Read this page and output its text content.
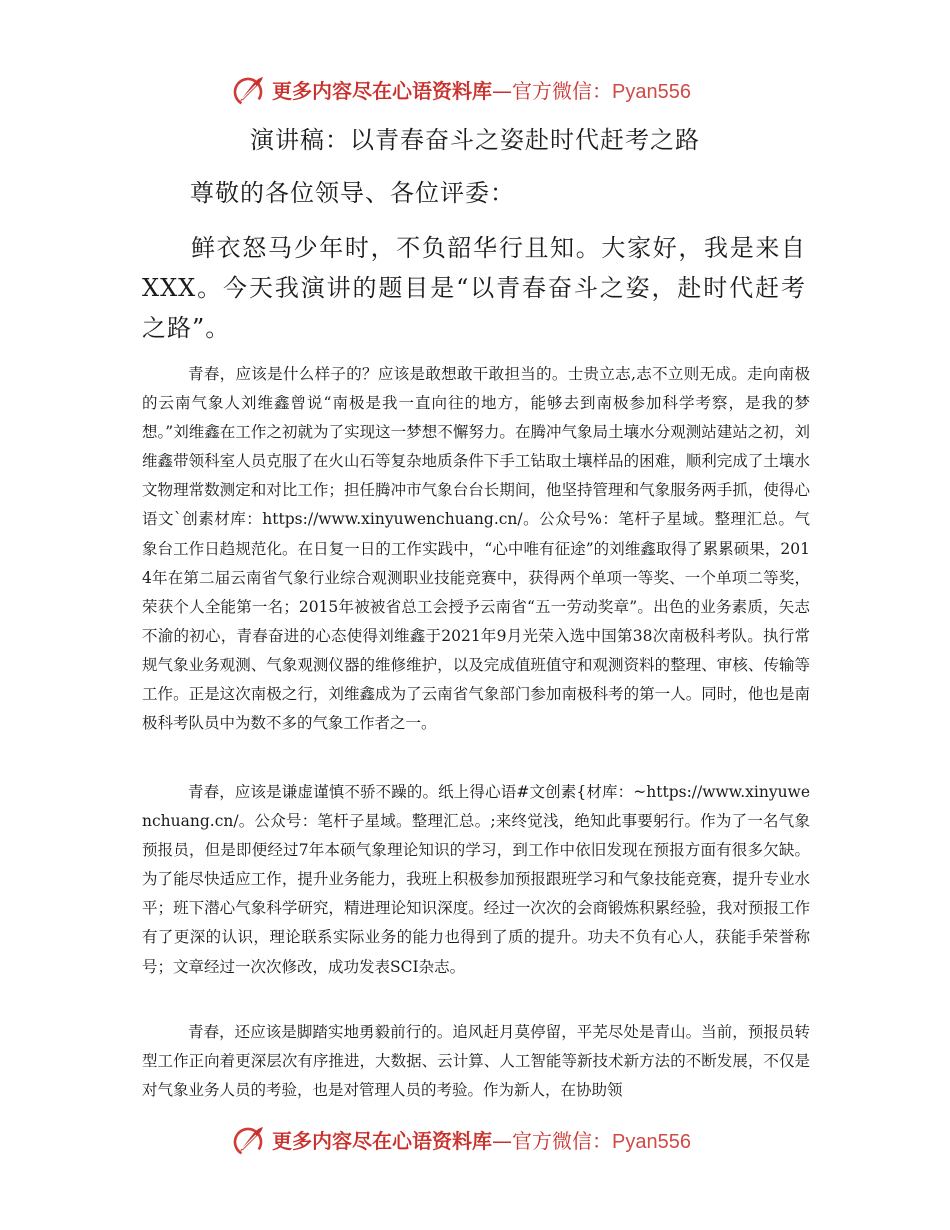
更多内容尽在心语资料库—官方微信：Pyan556
演讲稿：以青春奋斗之姿赴时代赶考之路
尊敬的各位领导、各位评委：

鲜衣怒马少年时，不负韶华行且知。大家好，我是来自XXX。今天我演讲的题目是“以青春奋斗之姿，赴时代赶考之路”。

青春，应该是什么样子的？应该是敢想敢干敢担当的。士贵立志,志不立则无成。走向南极的云南气象人刘维鑫曾说“南极是我一直向往的地方，能够去到南极参加科学考察，是我的梦想。”刘维鑫在工作之初就为了实现这一梦想不懈努力。在腾冲气象局土壤水分观测站建站之初，刘维鑫带领科室人员克服了在火山石等复杂地质条件下手工钻取土壤样品的困难，顺利完成了土壤水文物理常数测定和对比工作；担任腾冲市气象台台长期间，他坚持管理和气象服务两手抓，使得心语文`创素材库：https://www.xinyuwenchuang.cn/。公众号%：笔杆子星域。整理汇总。气象台工作日趋规范化。在日复一日的工作实践中，“心中唯有征途”的刘维鑫取得了累累硕果，2014年在第二届云南省气象行业综合观测职业技能竞赛中，获得两个单项一等奖、一个单项二等奖，荣获个人全能第一名；2015年被被省总工会授予云南省“五一劳动奖章”。出色的业务素质，矢志不渝的初心，青春奋进的心态使得刘维鑫于2021年9月光荣入选中国第38次南极科考队。执行常规气象业务观测、气象观测仪器的维修维护，以及完成值班值守和观测资料的整理、审核、传输等工作。正是这次南极之行，刘维鑫成为了云南省气象部门参加南极科考的第一人。同时，他也是南极科考队员中为数不多的气象工作者之一。

青春，应该是谦虚谨慎不骄不躁的。纸上得心语#文创素{材库：~https://www.xinyuwenchuang.cn/。公众号：笔杆子星域。整理汇总。;来终觉浅，绝知此事要躬行。作为了一名气象预报员，但是即便经过7年本硕气象理论知识的学习，到工作中依旧发现在预报方面有很多欠缺。为了能尽快适应工作，提升业务能力，我班上积极参加预报跟班学习和气象技能竞赛，提升专业水平；班下潜心气象科学研究，精进理论知识深度。经过一次次的会商锻炼积累经验，我对预报工作有了更深的认识，理论联系实际业务的能力也得到了质的提升。功夫不负有心人，获能手荣誉称号；文章经过一次次修改，成功发表SCI杂志。

青春，还应该是脚踏实地勇毅前行的。追风赶月莫停留，平芜尽处是青山。当前，预报员转型工作正向着更深层次有序推进，大数据、云计算、人工智能等新技术新方法的不断发展，不仅是对气象业务人员的考验，也是对管理人员的考验。作为新人，在协助领

更多内容尽在心语资料库—官方微信：Pyan556
